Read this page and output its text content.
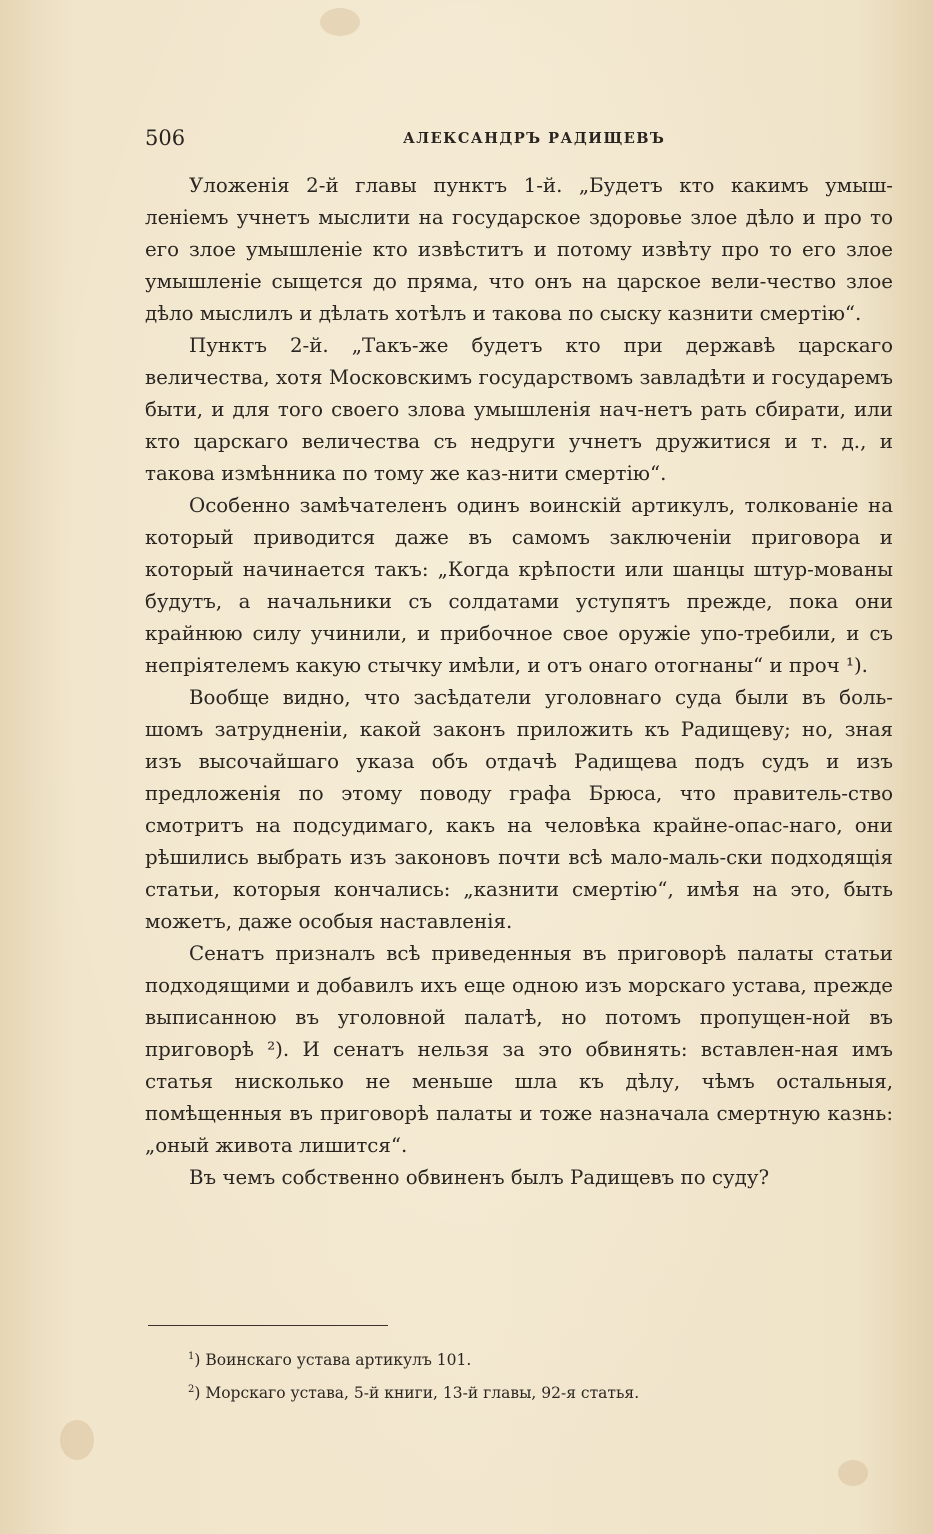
506	АЛЕКСАНДРЪ РАДИЩЕВЪ

Уложенія 2-й главы пунктъ 1-й. „Будетъ кто какимъ умыш-ленiемъ учнетъ мыслити на государское здоровье злое дѣло и про то его злое умышленіе кто извѣститъ и потому извѣту про то его злое умышленіе сыщется до пряма, что онъ на царское вели-чество злое дѣло мыслилъ и дѣлать хотѣлъ и такова по сыску казнити смертію“.

Пунктъ 2-й. „Такъ-же будетъ кто при державѣ царскаго величества, хотя Московскимъ государствомъ завладѣти и государемъ быти, и для того своего злова умышленія нач-нетъ рать сбирати, или кто царскаго величества съ недруги учнетъ дружитися и т. д., и такова измѣнника по тому же каз-нити смертію“.

Особенно замѣчателенъ одинъ воинскій артикулъ, толкованіе на который приводится даже въ самомъ заключенiи приговора и который начинается такъ: „Когда крѣпости или шанцы штур-мованы будутъ, а начальники съ солдатами уступятъ прежде, пока они крайнюю силу учинили, и прибочное свое оружіе упо-требили, и съ непріятелемъ какую стычку имѣли, и отъ онаго отогнаны“ и проч ¹).

Вообще видно, что засѣдатели уголовнаго суда были въ боль-шомъ затрудненiи, какой законъ приложить къ Радищеву; но, зная изъ высочайшаго указа объ отдачѣ Радищева подъ судъ и изъ предложенія по этому поводу графа Брюса, что правитель-ство смотритъ на подсудимаго, какъ на человѣка крайне-опас-наго, они рѣшились выбрать изъ законовъ почти всѣ мало-маль-ски подходящія статьи, которыя кончались: „казнити смертію“, имѣя на это, быть можетъ, даже особыя наставленія.

Сенатъ призналъ всѣ приведенныя въ приговорѣ палаты статьи подходящими и добавилъ ихъ еще одною изъ морскаго устава, прежде выписанною въ уголовной палатѣ, но потомъ пропущен-ной въ приговорѣ ²). И сенатъ нельзя за это обвинять: вставлен-ная имъ статья нисколько не меньше шла къ дѣлу, чѣмъ остальныя, помѣщенныя въ приговорѣ палаты и тоже назначала смертную казнь: „оный живота лишится“.

Въ чемъ собственно обвиненъ былъ Радищевъ по суду?

$^1$) Воинскаго устава артикулъ 101.

$^2$) Морскаго устава, 5-й книги, 13-й главы, 92-я статья.
